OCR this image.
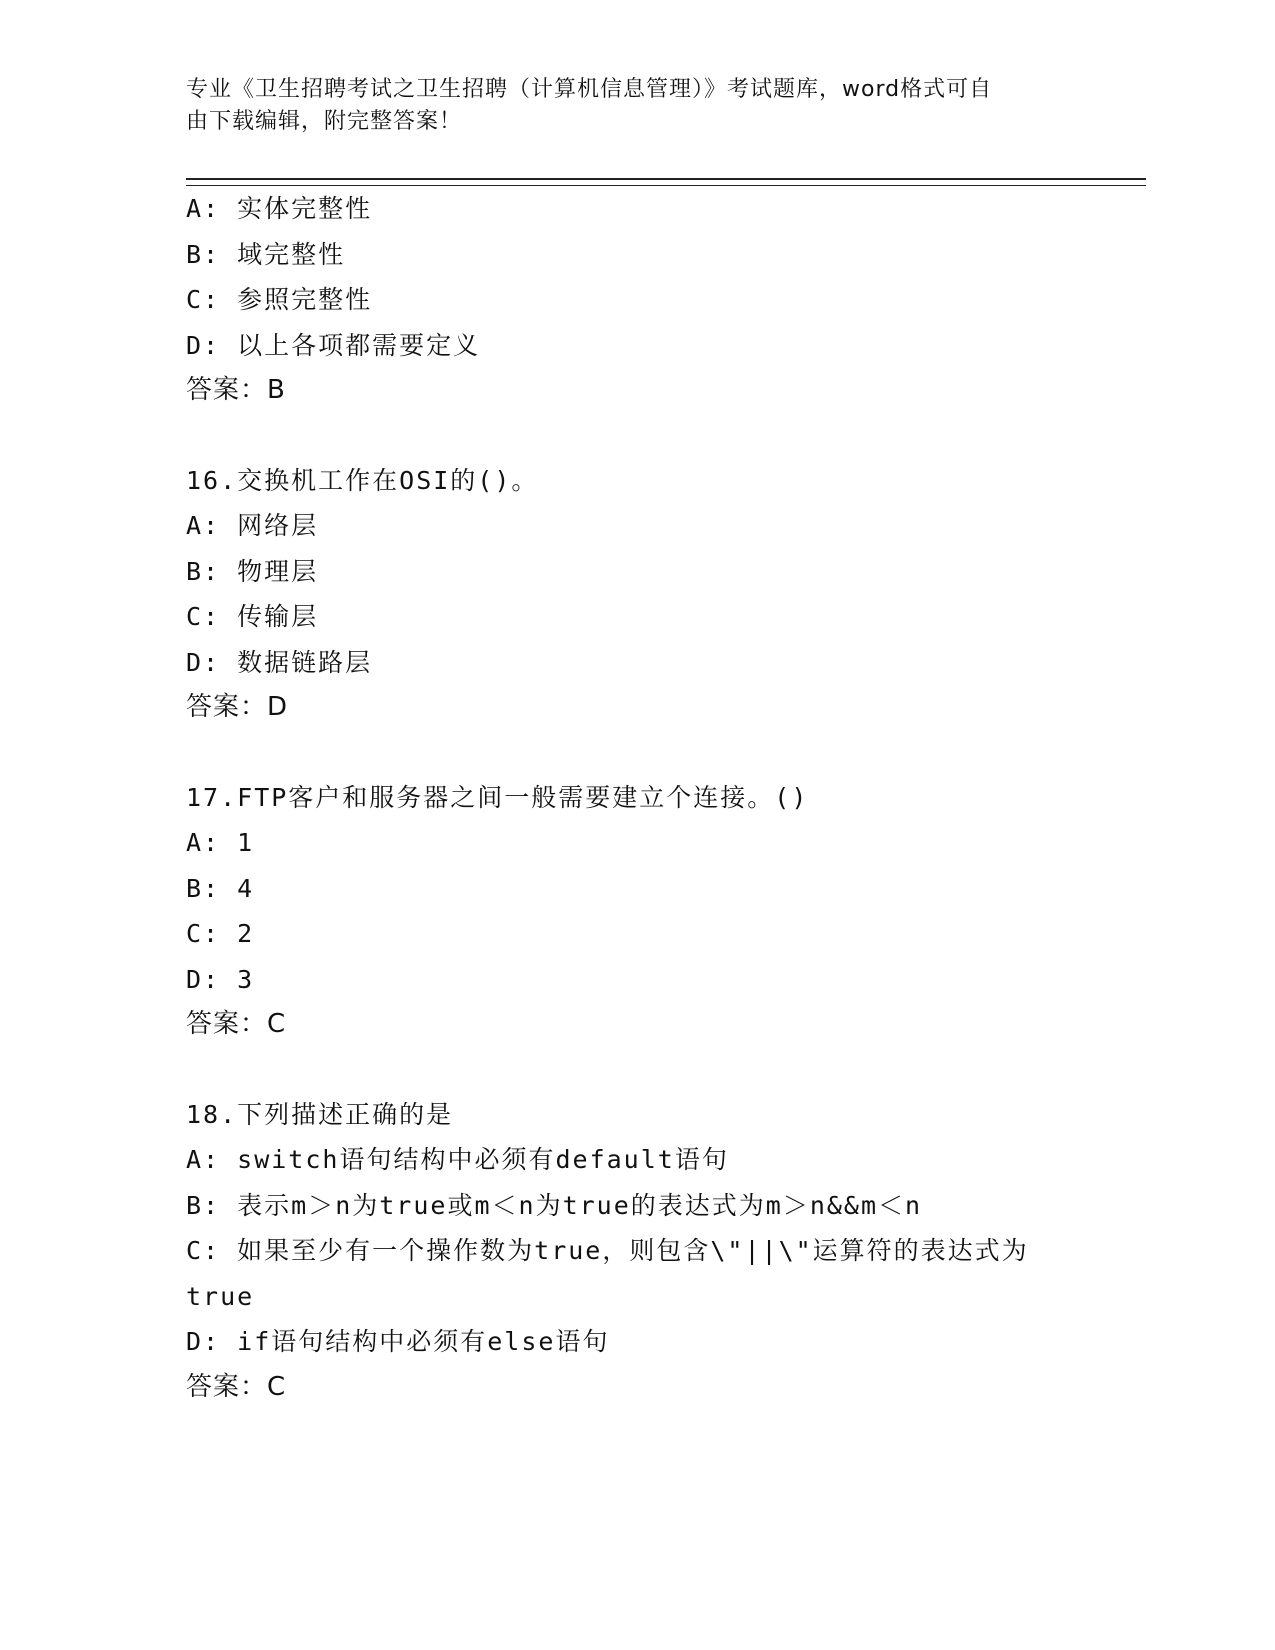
专业《卫生招聘考试之卫生招聘（计算机信息管理）》考试题库，word格式可自
由下载编辑，附完整答案！
A: 实体完整性
B: 域完整性
C: 参照完整性
D: 以上各项都需要定义
答案：B
16.交换机工作在OSI的()。
A: 网络层
B: 物理层
C: 传输层
D: 数据链路层
答案：D
17.FTP客户和服务器之间一般需要建立个连接。()
A: 1
B: 4
C: 2
D: 3
答案：C
18.下列描述正确的是
A: switch语句结构中必须有default语句
B: 表示m＞n为true或m＜n为true的表达式为m＞n&&m＜n
C: 如果至少有一个操作数为true，则包含\"||\"运算符的表达式为true
D: if语句结构中必须有else语句
答案：C
